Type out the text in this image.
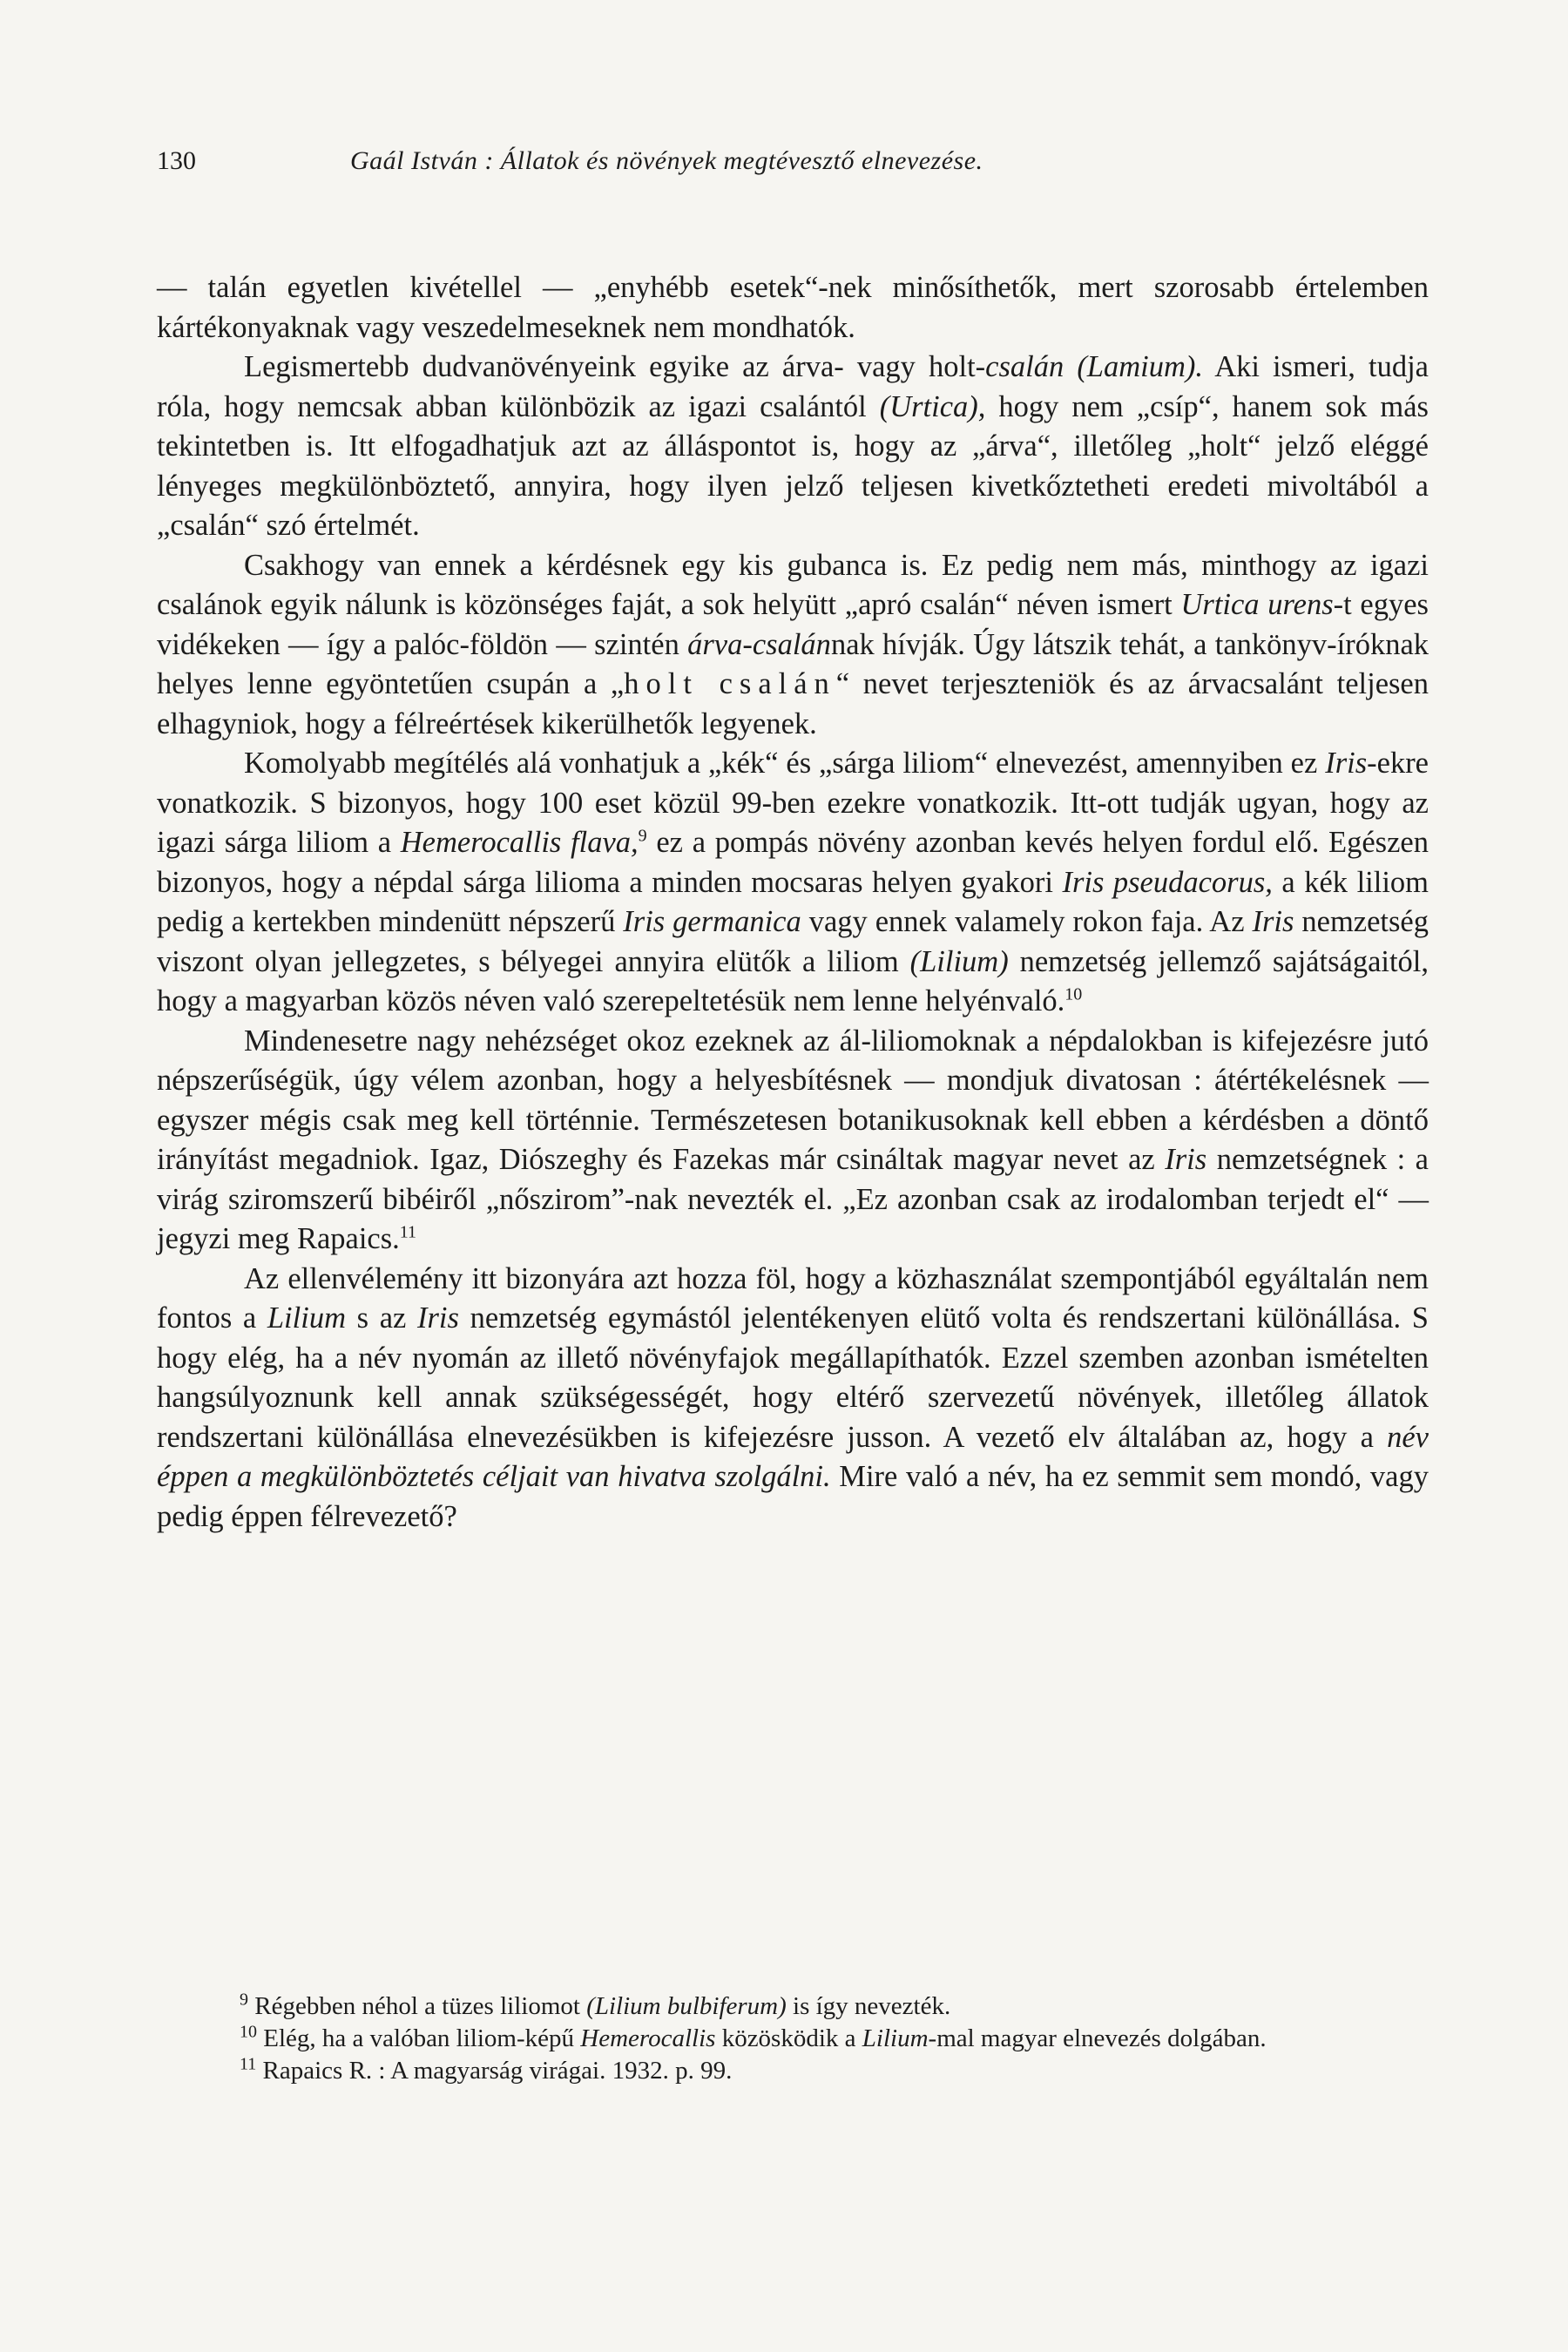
130	Gaál István : Állatok és növények megtévesztő elnevezése.

— talán egyetlen kivétellel — „enyhébb esetek“-nek minősíthetők, mert szorosabb értelemben kártékonyaknak vagy veszedelmeseknek nem mondhatók.

Legismertebb dudvanövényeink egyike az árva- vagy holt-csalán (Lamium). Aki ismeri, tudja róla, hogy nemcsak abban különbözik az igazi csalántól (Urtica), hogy nem „csíp“, hanem sok más tekintetben is. Itt elfogadhatjuk azt az álláspontot is, hogy az „árva“, illetőleg „holt“ jelző eléggé lényeges megkülönböztető, annyira, hogy ilyen jelző teljesen kivetkőztetheti eredeti mivoltából a „csalán“ szó értelmét.

Csakhogy van ennek a kérdésnek egy kis gubanca is. Ez pedig nem más, minthogy az igazi csalánok egyik nálunk is közönséges faját, a sok helyütt „apró csalán“ néven ismert Urtica urens-t egyes vidékeken — így a palóc-földön — szintén árva-csalánnak hívják. Úgy látszik tehát, a tankönyv-íróknak helyes lenne egyöntetűen csupán a „holt csalán“ nevet terjeszteniök és az árvacsalánt teljesen elhagyniok, hogy a félreértések kikerülhetők legyenek.

Komolyabb megítélés alá vonhatjuk a „kék“ és „sárga liliom“ elnevezést, amennyiben ez Iris-ekre vonatkozik. S bizonyos, hogy 100 eset közül 99-ben ezekre vonatkozik. Itt-ott tudják ugyan, hogy az igazi sárga liliom a Hemerocallis flava,$^9$ ez a pompás növény azonban kevés helyen fordul elő. Egészen bizonyos, hogy a népdal sárga liliomа a minden mocsaras helyen gyakori Iris pseudacorus, a kék liliom pedig a kertekben mindenütt népszerű Iris germanica vagy ennek valamely rokon faja. Az Iris nemzetség viszont olyan jellegzetes, s bélyegei annyira elütők a liliom (Lilium) nemzetség jellemző sajátságaitól, hogy a magyarban közös néven való szerepeltetésük nem lenne helyénvaló.$^{10}$

Mindenesetre nagy nehézséget okoz ezeknek az ál-liliomoknak a népdalokban is kifejezésre jutó népszerűségük, úgy vélem azonban, hogy a helyesbítésnek — mondjuk divatosan : átértékelésnek — egyszer mégis csak meg kell történnie. Természetesen botanikusoknak kell ebben a kérdésben a döntő irányítást megadniok. Igaz, Diószeghy és Fazekas már csináltak magyar nevet az Iris nemzetségnek : a virág sziromszerű bibéiről „nősziromˮ-nak nevezték el. „Ez azonban csak az irodalomban terjedt el“ — jegyzi meg Rapaics.$^{11}$

Az ellenvélemény itt bizonyára azt hozza föl, hogy a közhasználat szempontjából egyáltalán nem fontos a Lilium s az Iris nemzetség egymástól jelentékenyen elütő volta és rendszertani különállása. S hogy elég, ha a név nyomán az illető növényfajok megállapíthatók. Ezzel szemben azonban ismételten hangsúlyoznunk kell annak szükségességét, hogy eltérő szervezetű növények, illetőleg állatok rendszertani különállása elnevezésükben is kifejezésre jusson. A vezető elv általában az, hogy a név éppen a megkülönböztetés céljait van hivatva szolgálni. Mire való a név, ha ez semmit sem mondó, vagy pedig éppen félrevezető?

$^9$ Régebben néhol a tüzes liliomot (Lilium bulbiferum) is így nevezték.

$^{10}$ Elég, ha a valóban liliom-képű Hemerocallis közösködik a Lilium-mal magyar elnevezés dolgában.

$^{11}$ Rapaics R. : A magyarság virágai. 1932. p. 99.
